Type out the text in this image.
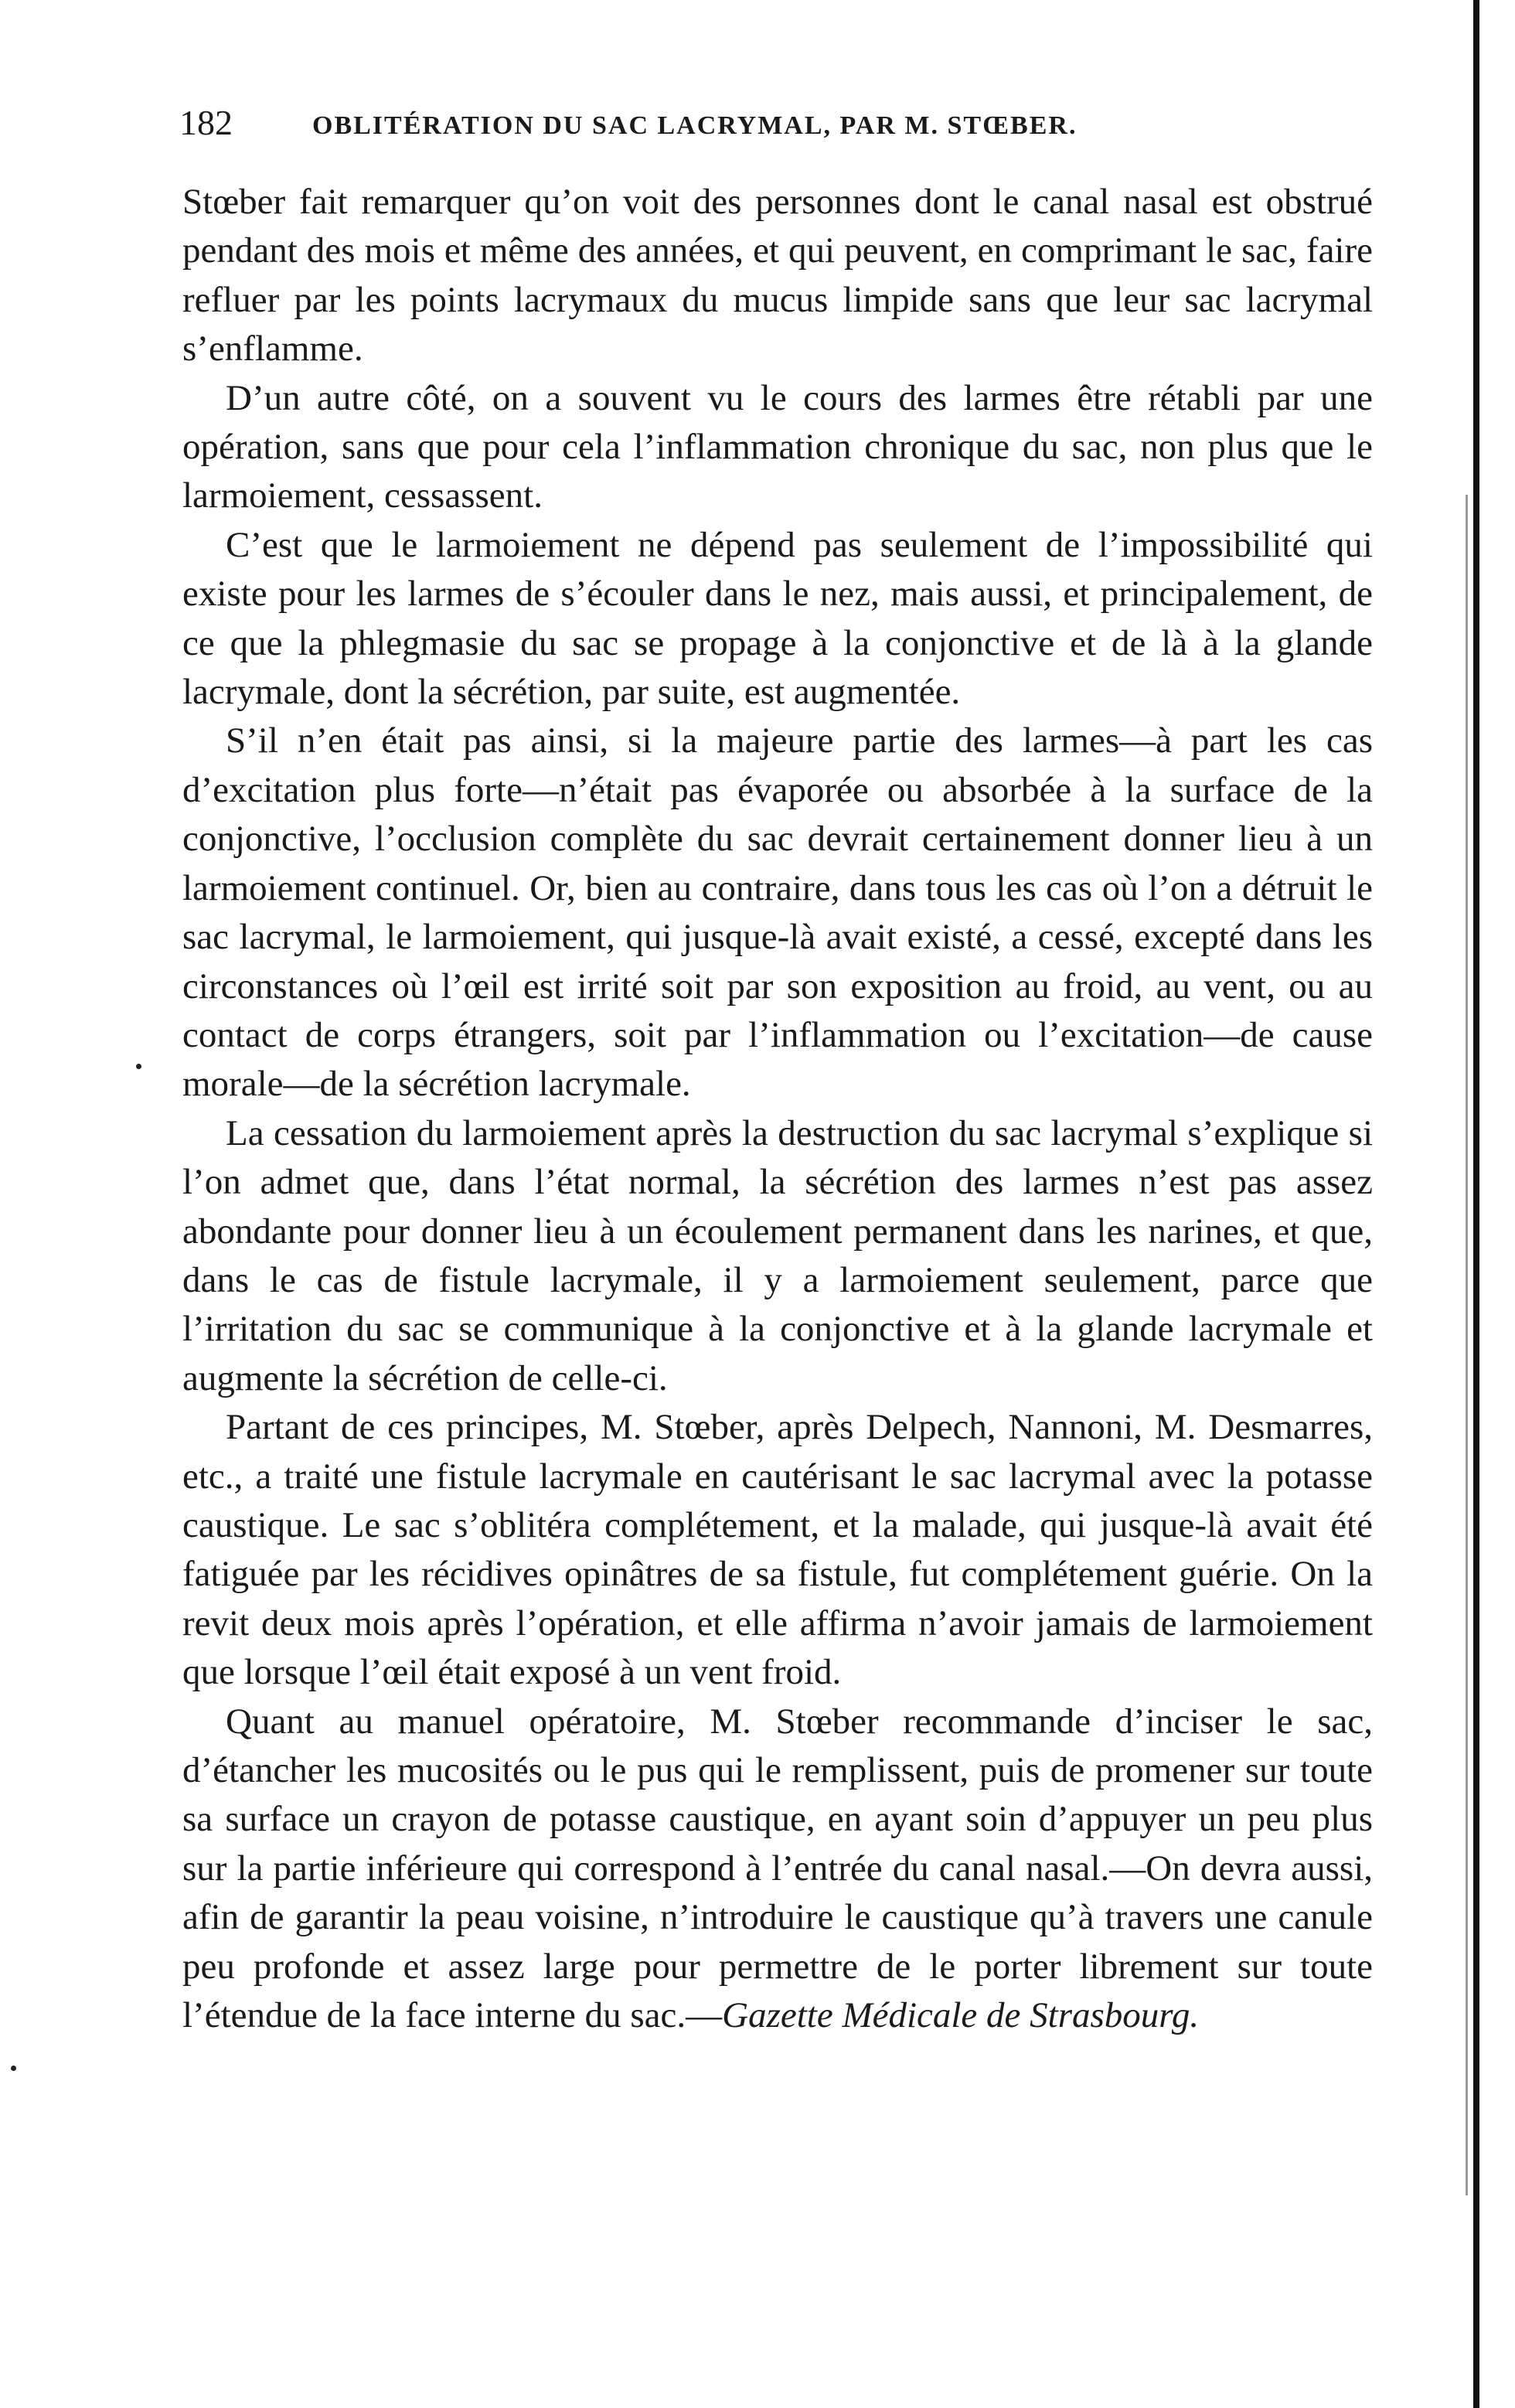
182	OBLITÉRATION DU SAC LACRYMAL, PAR M. STŒBER.

Stœber fait remarquer qu’on voit des personnes dont le canal nasal est obstrué pendant des mois et même des années, et qui peuvent, en comprimant le sac, faire refluer par les points lacrymaux du mucus limpide sans que leur sac lacrymal s’enflamme.

D’un autre côté, on a souvent vu le cours des larmes être rétabli par une opération, sans que pour cela l’inflammation chronique du sac, non plus que le larmoiement, cessassent.

C’est que le larmoiement ne dépend pas seulement de l’impossibilité qui existe pour les larmes de s’écouler dans le nez, mais aussi, et principalement, de ce que la phlegmasie du sac se propage à la conjonctive et de là à la glande lacrymale, dont la sécrétion, par suite, est augmentée.

S’il n’en était pas ainsi, si la majeure partie des larmes—à part les cas d’excitation plus forte—n’était pas évaporée ou absorbée à la surface de la conjonctive, l’occlusion complète du sac devrait certainement donner lieu à un larmoiement continuel. Or, bien au contraire, dans tous les cas où l’on a détruit le sac lacrymal, le larmoiement, qui jusque-là avait existé, a cessé, excepté dans les circonstances où l’œil est irrité soit par son exposition au froid, au vent, ou au contact de corps étrangers, soit par l’inflammation ou l’excitation—de cause morale—de la sécrétion lacrymale.

La cessation du larmoiement après la destruction du sac lacrymal s’explique si l’on admet que, dans l’état normal, la sécrétion des larmes n’est pas assez abondante pour donner lieu à un écoulement permanent dans les narines, et que, dans le cas de fistule lacrymale, il y a larmoiement seulement, parce que l’irritation du sac se communique à la conjonctive et à la glande lacrymale et augmente la sécrétion de celle-ci.

Partant de ces principes, M. Stœber, après Delpech, Nannoni, M. Desmarres, etc., a traité une fistule lacrymale en cautérisant le sac lacrymal avec la potasse caustique. Le sac s’oblitéra complétement, et la malade, qui jusque-là avait été fatiguée par les récidives opinâtres de sa fistule, fut complétement guérie. On la revit deux mois après l’opération, et elle affirma n’avoir jamais de larmoiement que lorsque l’œil était exposé à un vent froid.

Quant au manuel opératoire, M. Stœber recommande d’inciser le sac, d’étancher les mucosités ou le pus qui le remplissent, puis de promener sur toute sa surface un crayon de potasse caustique, en ayant soin d’appuyer un peu plus sur la partie inférieure qui correspond à l’entrée du canal nasal.—On devra aussi, afin de garantir la peau voisine, n’introduire le caustique qu’à travers une canule peu profonde et assez large pour permettre de le porter librement sur toute l’étendue de la face interne du sac.—Gazette Médicale de Strasbourg.
